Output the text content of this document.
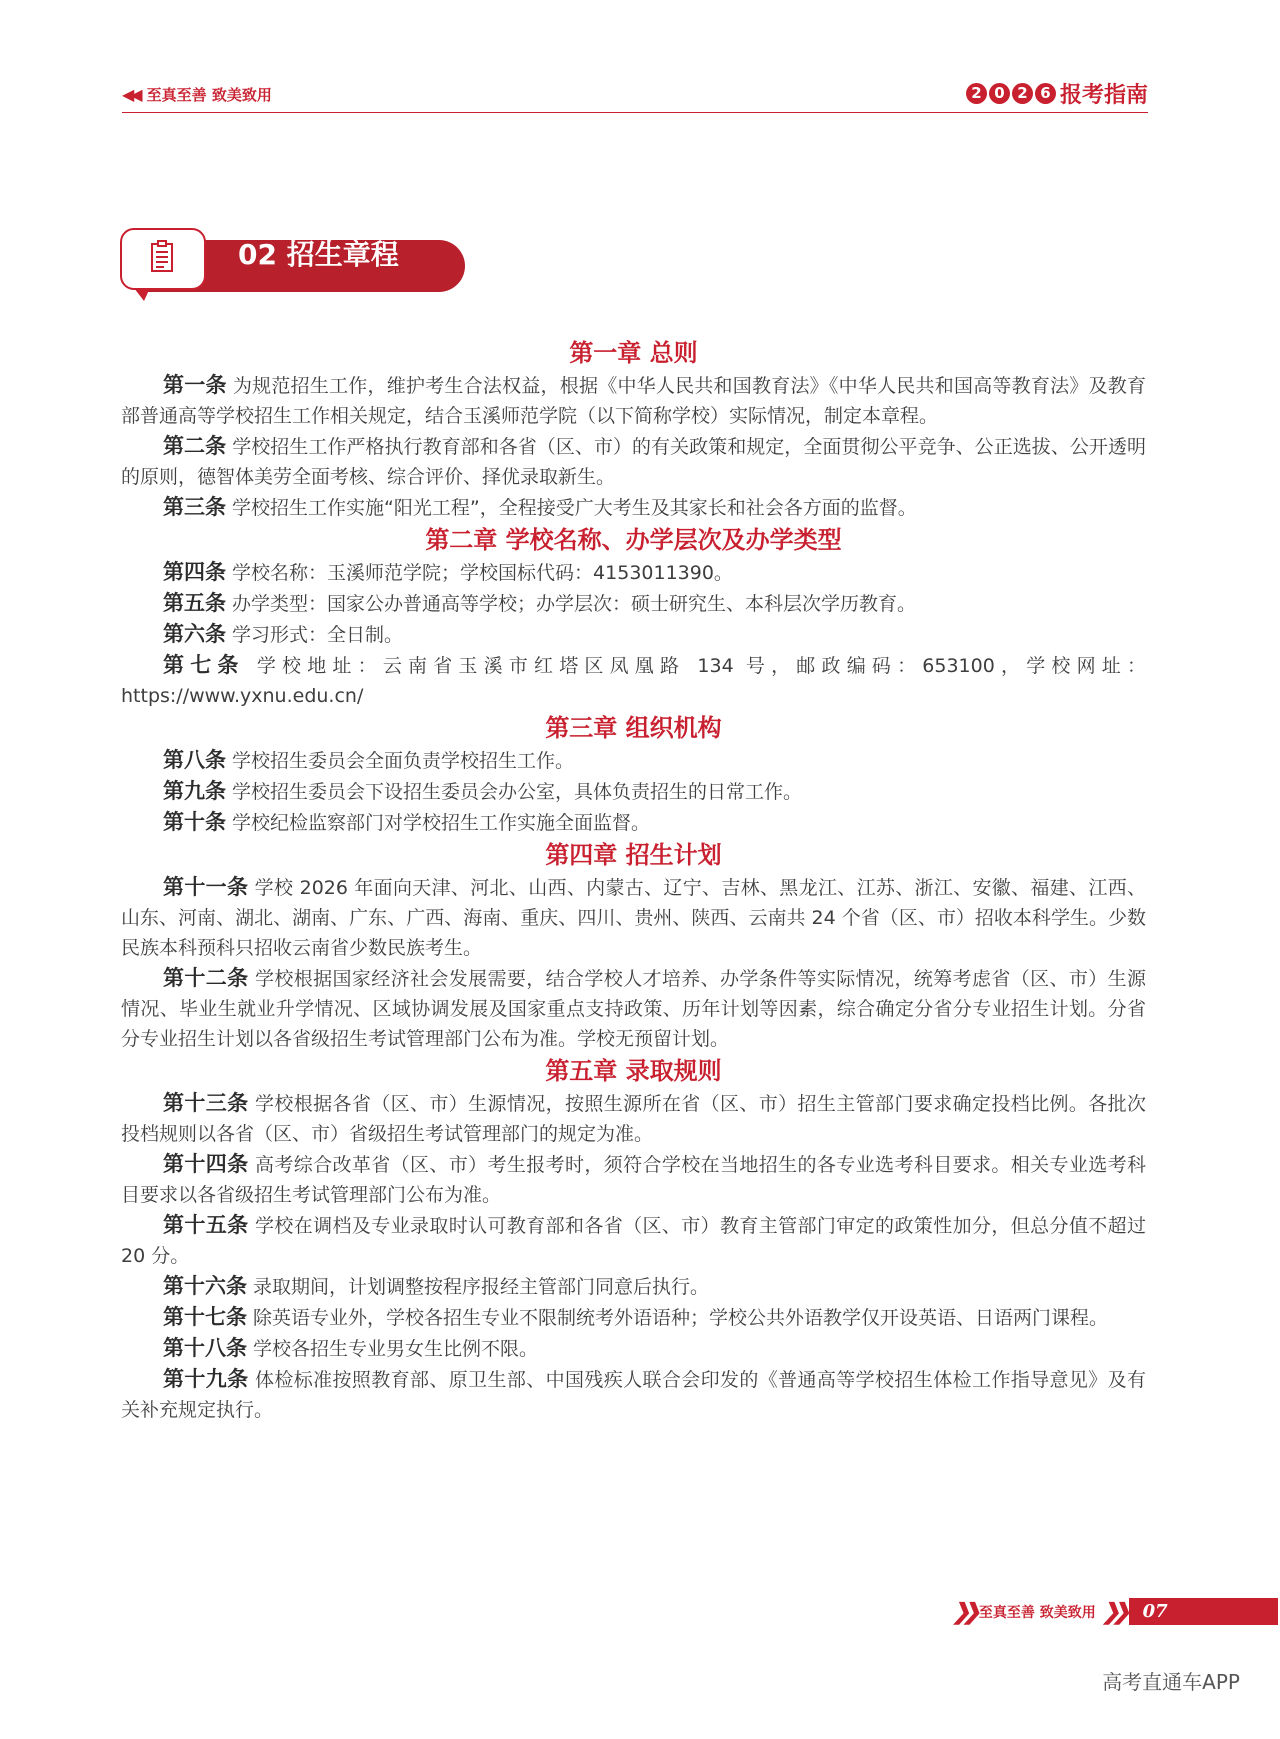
◀◀ 至真至善 致美致用	2 0 2 6 报考指南
02 招生章程
第一章 总则

第一条 为规范招生工作，维护考生合法权益，根据《中华人民共和国教育法》《中华人民共和国高等教育法》及教育部普通高等学校招生工作相关规定，结合玉溪师范学院（以下简称学校）实际情况，制定本章程。

第二条 学校招生工作严格执行教育部和各省（区、市）的有关政策和规定，全面贯彻公平竞争、公正选拔、公开透明的原则，德智体美劳全面考核、综合评价、择优录取新生。

第三条 学校招生工作实施“阳光工程”，全程接受广大考生及其家长和社会各方面的监督。

第二章 学校名称、办学层次及办学类型

第四条 学校名称：玉溪师范学院；学校国标代码：4153011390。

第五条 办学类型：国家公办普通高等学校；办学层次：硕士研究生、本科层次学历教育。

第六条 学习形式：全日制。

第七条 学校地址：云南省玉溪市红塔区凤凰路 134 号，邮政编码：653100，学校网址：https://www.yxnu.edu.cn/

第三章 组织机构

第八条 学校招生委员会全面负责学校招生工作。

第九条 学校招生委员会下设招生委员会办公室，具体负责招生的日常工作。

第十条 学校纪检监察部门对学校招生工作实施全面监督。

第四章 招生计划

第十一条 学校 2026 年面向天津、河北、山西、内蒙古、辽宁、吉林、黑龙江、江苏、浙江、安徽、福建、江西、山东、河南、湖北、湖南、广东、广西、海南、重庆、四川、贵州、陕西、云南共 24 个省（区、市）招收本科学生。少数民族本科预科只招收云南省少数民族考生。

第十二条 学校根据国家经济社会发展需要，结合学校人才培养、办学条件等实际情况，统筹考虑省（区、市）生源情况、毕业生就业升学情况、区域协调发展及国家重点支持政策、历年计划等因素，综合确定分省分专业招生计划。分省分专业招生计划以各省级招生考试管理部门公布为准。学校无预留计划。

第五章 录取规则

第十三条 学校根据各省（区、市）生源情况，按照生源所在省（区、市）招生主管部门要求确定投档比例。各批次投档规则以各省（区、市）省级招生考试管理部门的规定为准。

第十四条 高考综合改革省（区、市）考生报考时，须符合学校在当地招生的各专业选考科目要求。相关专业选考科目要求以各省级招生考试管理部门公布为准。

第十五条 学校在调档及专业录取时认可教育部和各省（区、市）教育主管部门审定的政策性加分，但总分值不超过 20 分。

第十六条 录取期间，计划调整按程序报经主管部门同意后执行。

第十七条 除英语专业外，学校各招生专业不限制统考外语语种；学校公共外语教学仅开设英语、日语两门课程。

第十八条 学校各招生专业男女生比例不限。

第十九条 体检标准按照教育部、原卫生部、中国残疾人联合会印发的《普通高等学校招生体检工作指导意见》及有关补充规定执行。

❯❯ 至真至善 致美致用 ❯❯	07
高考直通车APP
